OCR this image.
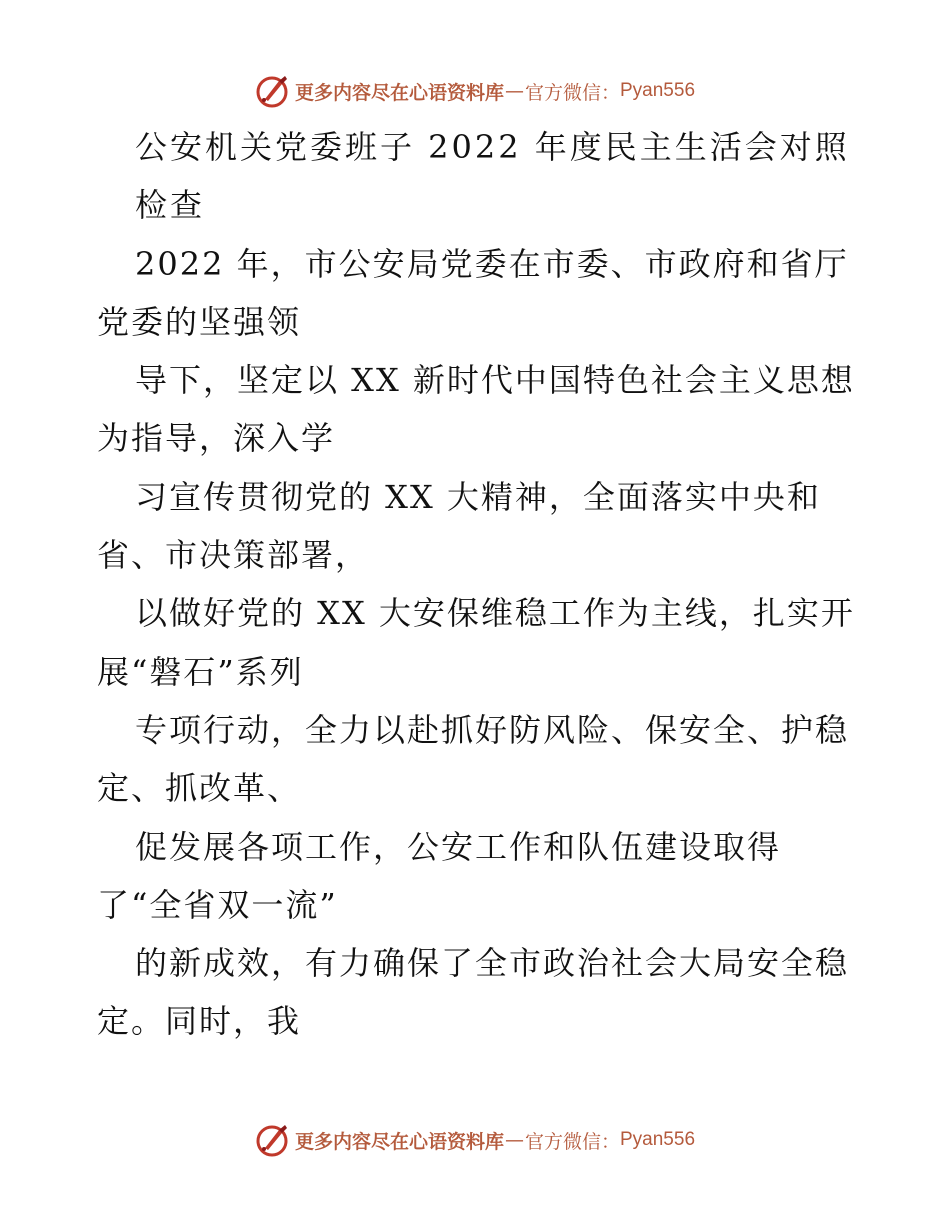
更多内容尽在心语资料库 — 官方微信： Pyan556
公安机关党委班子 2022 年度民主生活会对照
检查
2022 年，市公安局党委在市委、市政府和省厅
党委的坚强领
导下，坚定以 XX 新时代中国特色社会主义思想
为指导，深入学
习宣传贯彻党的 XX 大精神，全面落实中央和
省、市决策部署，
以做好党的 XX 大安保维稳工作为主线，扎实开
展“磐石”系列
专项行动，全力以赴抓好防风险、保安全、护稳
定、抓改革、
促发展各项工作，公安工作和队伍建设取得
了“全省双一流”
的新成效，有力确保了全市政治社会大局安全稳
定。同时，我
更多内容尽在心语资料库 — 官方微信： Pyan556
